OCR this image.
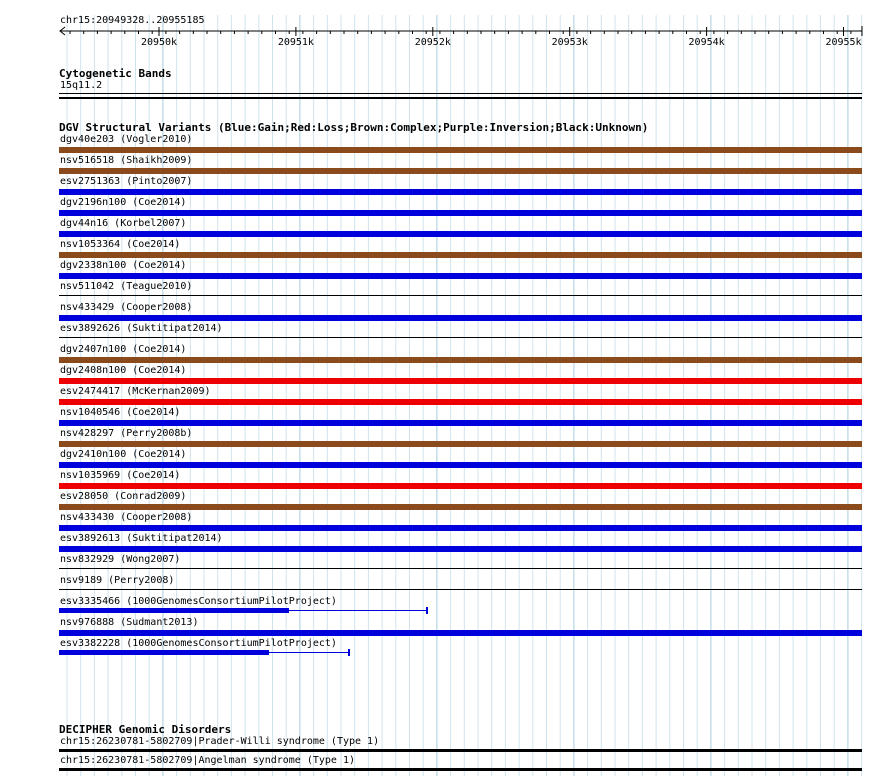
chr15:20949328..20955185
20950k	20951k	20952k	20953k	20954k	20955k
Cytogenetic Bands
15q11.2
DGV Structural Variants (Blue:Gain;Red:Loss;Brown:Complex;Purple:Inversion;Black:Unknown)
dgv40e203 (Vogler2010)
nsv516518 (Shaikh2009)
esv2751363 (Pinto2007)
dgv2196n100 (Coe2014)
dgv44n16 (Korbel2007)
nsv1053364 (Coe2014)
dgv2338n100 (Coe2014)
nsv511042 (Teague2010)
nsv433429 (Cooper2008)
esv3892626 (Suktitipat2014)
dgv2407n100 (Coe2014)
dgv2408n100 (Coe2014)
esv2474417 (McKernan2009)
nsv1040546 (Coe2014)
nsv428297 (Perry2008b)
dgv2410n100 (Coe2014)
nsv1035969 (Coe2014)
esv28050 (Conrad2009)
nsv433430 (Cooper2008)
esv3892613 (Suktitipat2014)
nsv832929 (Wong2007)
nsv9189 (Perry2008)
esv3335466 (1000GenomesConsortiumPilotProject)
nsv976888 (Sudmant2013)
esv3382228 (1000GenomesConsortiumPilotProject)
DECIPHER Genomic Disorders
chr15:26230781-5802709|Prader-Willi syndrome (Type 1)
chr15:26230781-5802709|Angelman syndrome (Type 1)
